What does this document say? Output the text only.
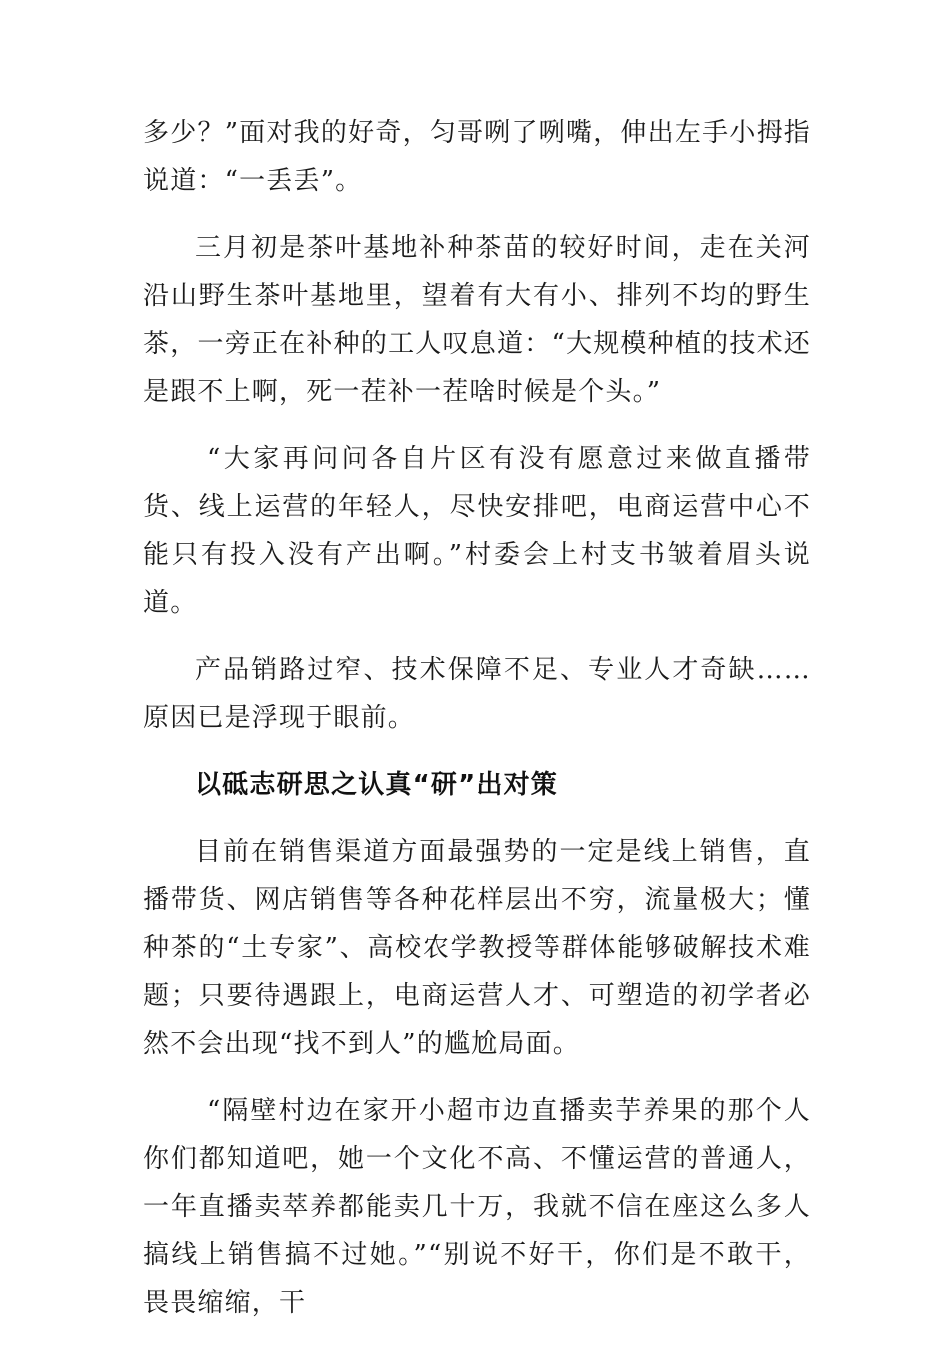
多少？”面对我的好奇，匀哥咧了咧嘴，伸出左手小拇指说道：“一丢丢”。

三月初是茶叶基地补种茶苗的较好时间，走在关河沿山野生茶叶基地里，望着有大有小、排列不均的野生茶，一旁正在补种的工人叹息道：“大规模种植的技术还是跟不上啊，死一茬补一茬啥时候是个头。”

“大家再问问各自片区有没有愿意过来做直播带货、线上运营的年轻人，尽快安排吧，电商运营中心不能只有投入没有产出啊。”村委会上村支书皱着眉头说道。

产品销路过窄、技术保障不足、专业人才奇缺……原因已是浮现于眼前。

以砥志研思之认真“研”出对策

目前在销售渠道方面最强势的一定是线上销售，直播带货、网店销售等各种花样层出不穷，流量极大；懂种茶的“土专家”、高校农学教授等群体能够破解技术难题；只要待遇跟上，电商运营人才、可塑造的初学者必然不会出现“找不到人”的尴尬局面。

“隔壁村边在家开小超市边直播卖芋养果的那个人你们都知道吧，她一个文化不高、不懂运营的普通人，一年直播卖萃养都能卖几十万，我就不信在座这么多人搞线上销售搞不过她。”“别说不好干，你们是不敢干，畏畏缩缩，干
